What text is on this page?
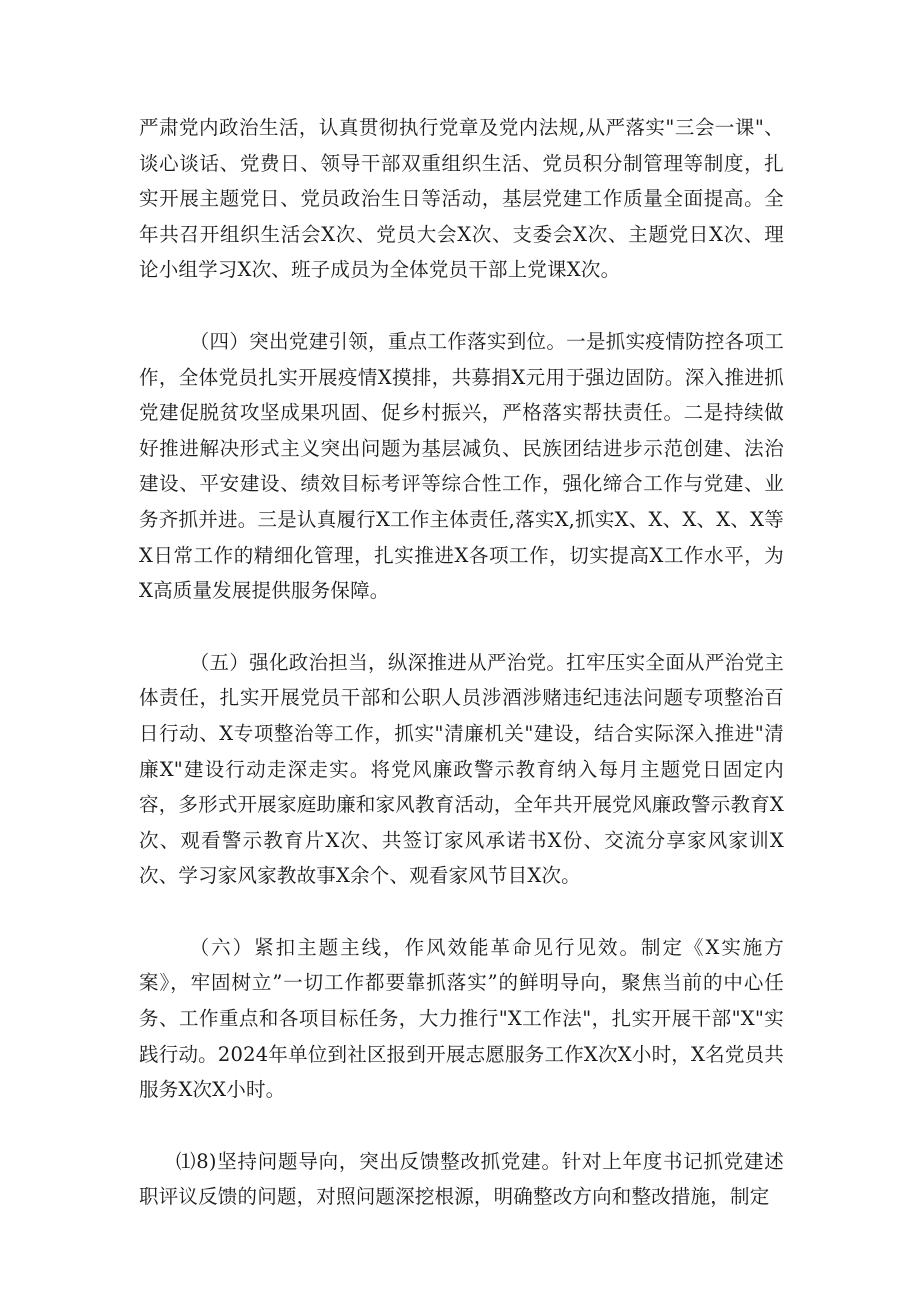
严肃党内政治生活，认真贯彻执行党章及党内法规,从严落实"三会一课"、谈心谈话、党费日、领导干部双重组织生活、党员积分制管理等制度，扎实开展主题党日、党员政治生日等活动，基层党建工作质量全面提高。全年共召开组织生活会X次、党员大会X次、支委会X次、主题党日X次、理论小组学习X次、班子成员为全体党员干部上党课X次。

（四）突出党建引领，重点工作落实到位。一是抓实疫情防控各项工作，全体党员扎实开展疫情X摸排，共募捐X元用于强边固防。深入推进抓党建促脱贫攻坚成果巩固、促乡村振兴，严格落实帮扶责任。二是持续做好推进解决形式主义突出问题为基层减负、民族团结进步示范创建、法治建设、平安建设、绩效目标考评等综合性工作，强化缔合工作与党建、业务齐抓并进。三是认真履行X工作主体责任,落实X,抓实X、X、X、X、X等X日常工作的精细化管理，扎实推进X各项工作，切实提高X工作水平，为X高质量发展提供服务保障。

（五）强化政治担当，纵深推进从严治党。扛牢压实全面从严治党主体责任，扎实开展党员干部和公职人员涉酒涉赌违纪违法问题专项整治百日行动、X专项整治等工作，抓实"清廉机关"建设，结合实际深入推进"清廉X"建设行动走深走实。将党风廉政警示教育纳入每月主题党日固定内容，多形式开展家庭助廉和家风教育活动，全年共开展党风廉政警示教育X次、观看警示教育片X次、共签订家风承诺书X份、交流分享家风家训X次、学习家风家教故事X余个、观看家风节目X次。

（六）紧扣主题主线，作风效能革命见行见效。制定《X实施方案》，牢固树立”一切工作都要靠抓落实”的鲜明导向，聚焦当前的中心任务、工作重点和各项目标任务，大力推行"X工作法"，扎实开展干部"X"实践行动。2024年单位到社区报到开展志愿服务工作X次X小时，X名党员共服务X次X小时。

⑴8)坚持问题导向，突出反馈整改抓党建。针对上年度书记抓党建述职评议反馈的问题，对照问题深挖根源，明确整改方向和整改措施，制定
